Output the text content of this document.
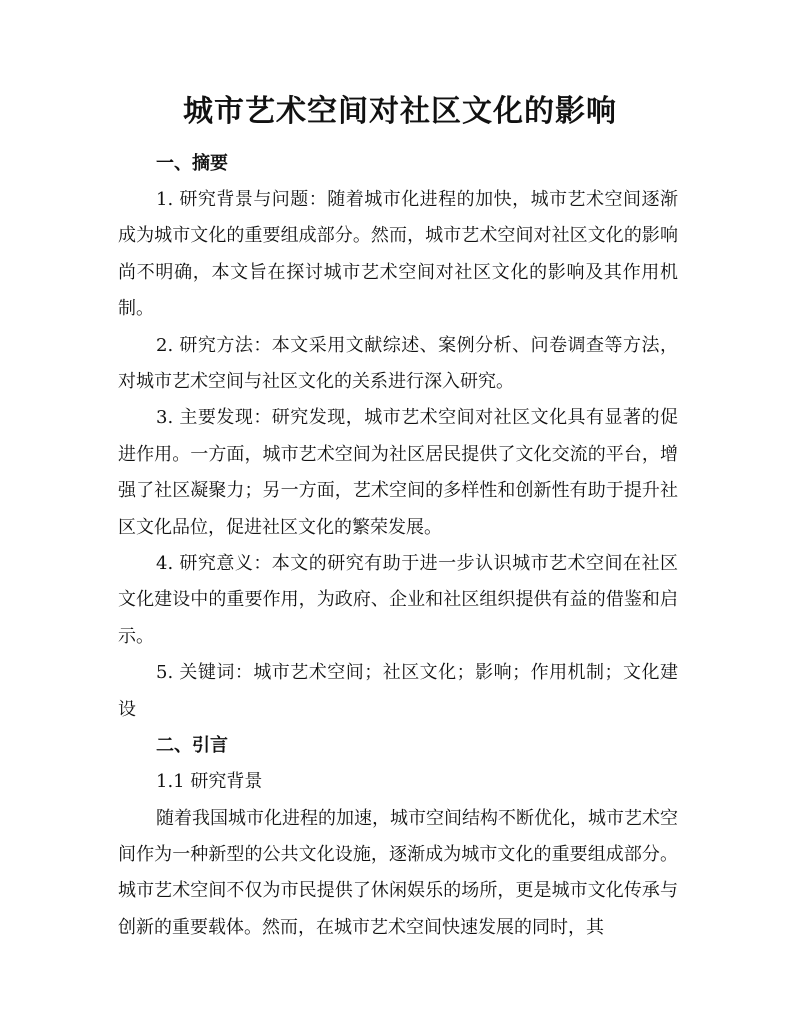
城市艺术空间对社区文化的影响
一、摘要

1. 研究背景与问题：随着城市化进程的加快，城市艺术空间逐渐成为城市文化的重要组成部分。然而，城市艺术空间对社区文化的影响尚不明确，本文旨在探讨城市艺术空间对社区文化的影响及其作用机制。

2. 研究方法：本文采用文献综述、案例分析、问卷调查等方法，对城市艺术空间与社区文化的关系进行深入研究。

3. 主要发现：研究发现，城市艺术空间对社区文化具有显著的促进作用。一方面，城市艺术空间为社区居民提供了文化交流的平台，增强了社区凝聚力；另一方面，艺术空间的多样性和创新性有助于提升社区文化品位，促进社区文化的繁荣发展。

4. 研究意义：本文的研究有助于进一步认识城市艺术空间在社区文化建设中的重要作用，为政府、企业和社区组织提供有益的借鉴和启示。

5. 关键词：城市艺术空间；社区文化；影响；作用机制；文化建设

二、引言
1.1 研究背景

随着我国城市化进程的加速，城市空间结构不断优化，城市艺术空间作为一种新型的公共文化设施，逐渐成为城市文化的重要组成部分。城市艺术空间不仅为市民提供了休闲娱乐的场所，更是城市文化传承与创新的重要载体。然而，在城市艺术空间快速发展的同时，其
